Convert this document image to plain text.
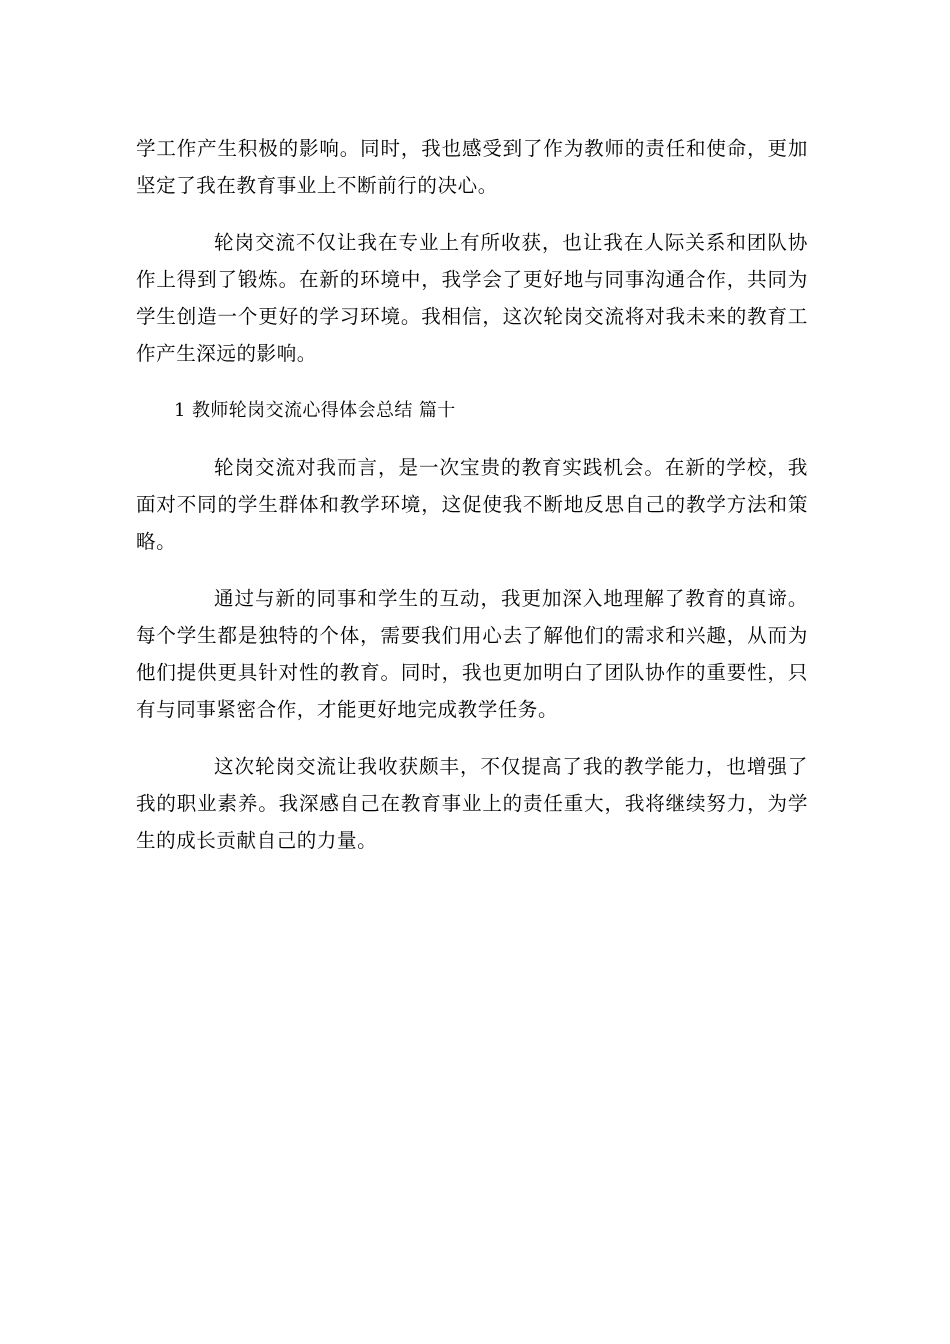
学工作产生积极的影响。同时，我也感受到了作为教师的责任和使命，更加坚定了我在教育事业上不断前行的决心。

轮岗交流不仅让我在专业上有所收获，也让我在人际关系和团队协作上得到了锻炼。在新的环境中，我学会了更好地与同事沟通合作，共同为学生创造一个更好的学习环境。我相信，这次轮岗交流将对我未来的教育工作产生深远的影响。

1 教师轮岗交流心得体会总结 篇十

轮岗交流对我而言，是一次宝贵的教育实践机会。在新的学校，我面对不同的学生群体和教学环境，这促使我不断地反思自己的教学方法和策略。

通过与新的同事和学生的互动，我更加深入地理解了教育的真谛。每个学生都是独特的个体，需要我们用心去了解他们的需求和兴趣，从而为他们提供更具针对性的教育。同时，我也更加明白了团队协作的重要性，只有与同事紧密合作，才能更好地完成教学任务。

这次轮岗交流让我收获颇丰，不仅提高了我的教学能力，也增强了我的职业素养。我深感自己在教育事业上的责任重大，我将继续努力，为学生的成长贡献自己的力量。
